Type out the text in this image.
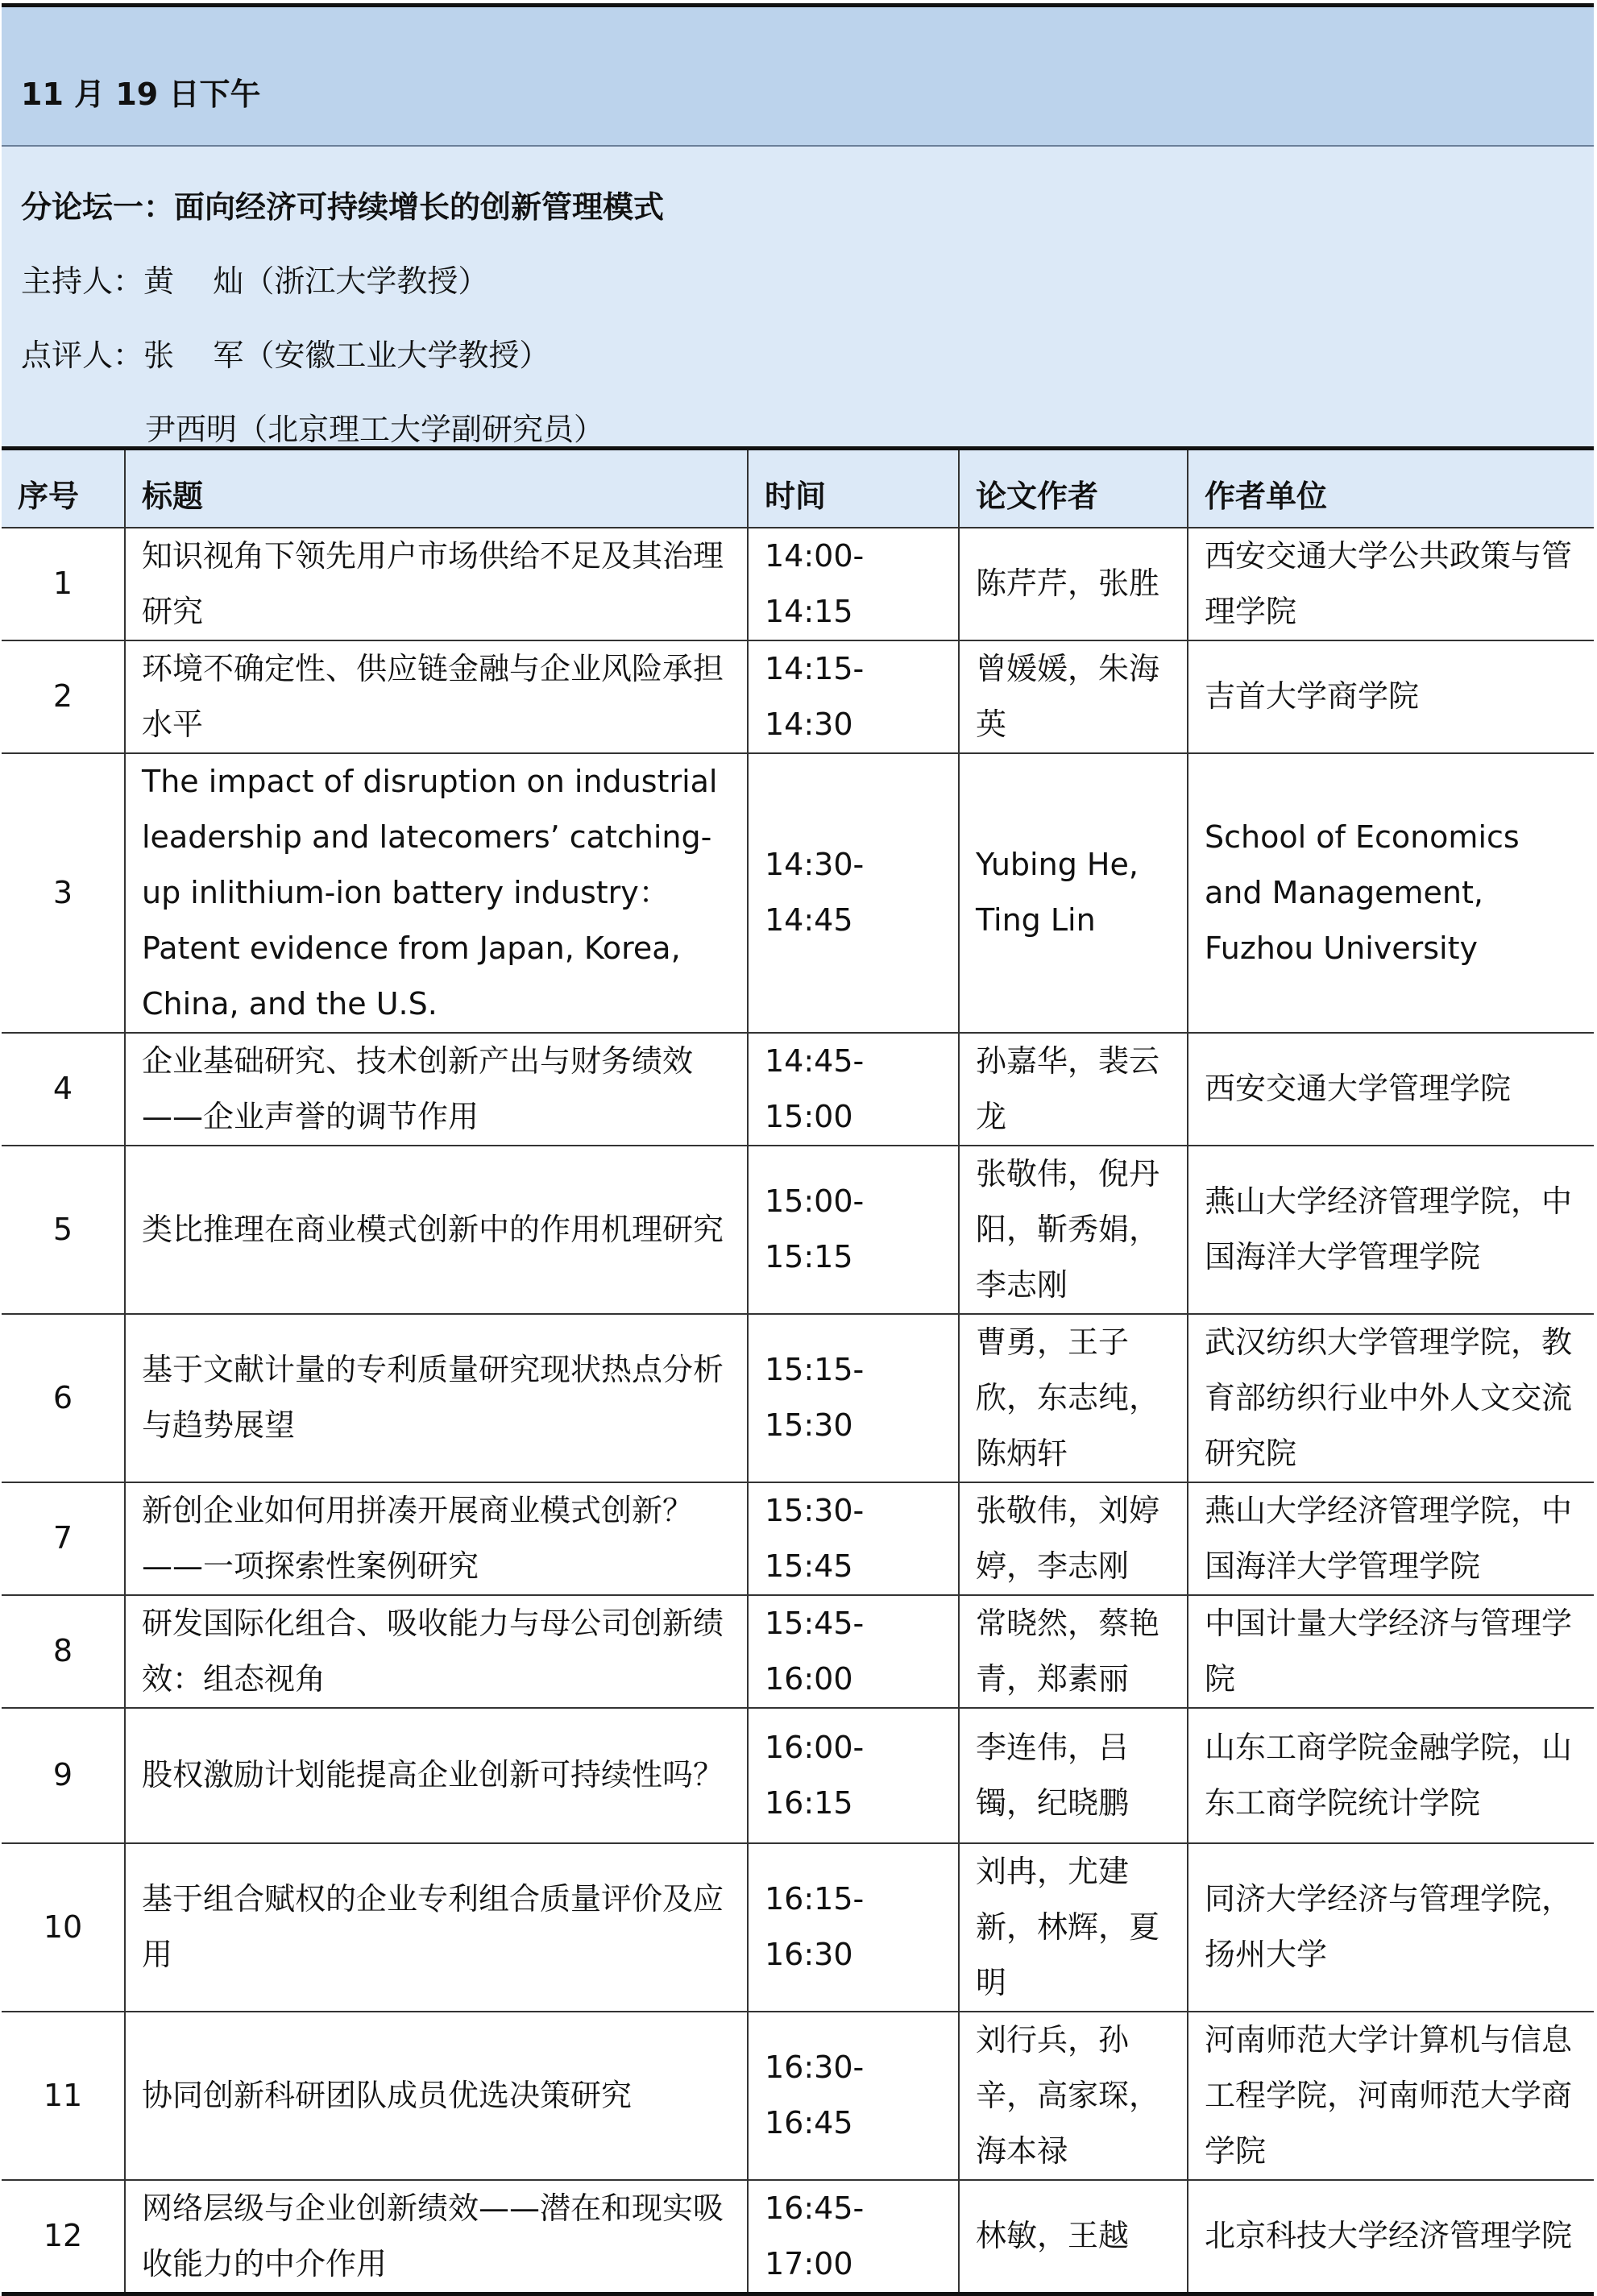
11 月 19 日下午
分论坛一：面向经济可持续增长的创新管理模式
主持人：黄    灿（浙江大学教授）
点评人：张    军（安徽工业大学教授）
尹西明（北京理工大学副研究员）
序号	标题	时间	论文作者	作者单位
1	知识视角下领先用户市场供给不足及其治理研究	14:00-14:15	陈芹芹，张胜	西安交通大学公共政策与管理学院
2	环境不确定性、供应链金融与企业风险承担水平	14:15-14:30	曾媛媛，朱海英	吉首大学商学院
3	The impact of disruption on industrial leadership and latecomers’ catching-up inlithium-ion battery industry：Patent evidence from Japan, Korea, China, and the U.S.	14:30-14:45	Yubing He, Ting Lin	School of Economics and Management, Fuzhou University
4	企业基础研究、技术创新产出与财务绩效——企业声誉的调节作用	14:45-15:00	孙嘉华，裴云龙	西安交通大学管理学院
5	类比推理在商业模式创新中的作用机理研究	15:00-15:15	张敬伟，倪丹阳，靳秀娟，李志刚	燕山大学经济管理学院，中国海洋大学管理学院
6	基于文献计量的专利质量研究现状热点分析与趋势展望	15:15-15:30	曹勇，王子欣，东志纯，陈炳轩	武汉纺织大学管理学院，教育部纺织行业中外人文交流研究院
7	新创企业如何用拼凑开展商业模式创新？——一项探索性案例研究	15:30-15:45	张敬伟，刘婷婷，李志刚	燕山大学经济管理学院，中国海洋大学管理学院
8	研发国际化组合、吸收能力与母公司创新绩效：组态视角	15:45-16:00	常晓然，蔡艳青，郑素丽	中国计量大学经济与管理学院
9	股权激励计划能提高企业创新可持续性吗？	16:00-16:15	李连伟，吕镯，纪晓鹏	山东工商学院金融学院，山东工商学院统计学院
10	基于组合赋权的企业专利组合质量评价及应用	16:15-16:30	刘冉，尤建新，林辉，夏明	同济大学经济与管理学院，扬州大学
11	协同创新科研团队成员优选决策研究	16:30-16:45	刘行兵，孙辛，高家琛，海本禄	河南师范大学计算机与信息工程学院，河南师范大学商学院
12	网络层级与企业创新绩效——潜在和现实吸收能力的中介作用	16:45-17:00	林敏，王越	北京科技大学经济管理学院
